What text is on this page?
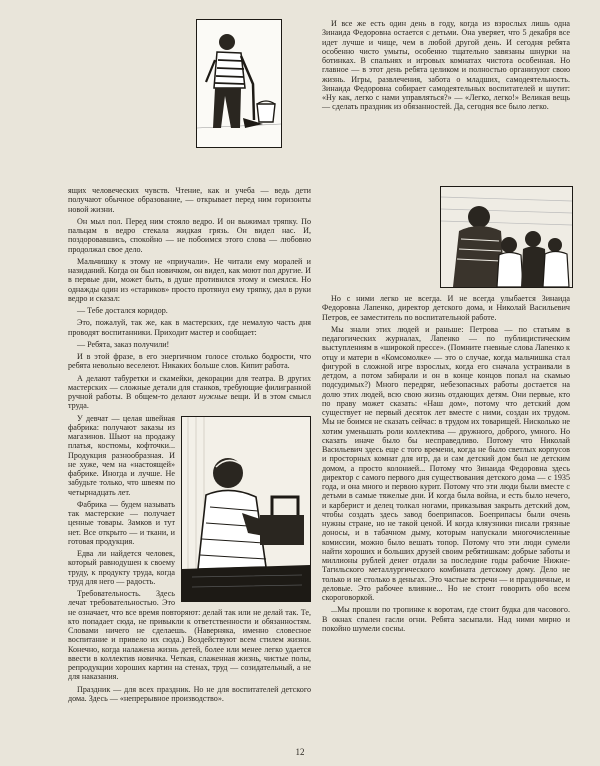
ящих человеческих чувств. Чтение, как и учеба — ведь дети получают обычное образование, — открывает перед ним горизонты новой жизни.

Он мыл пол. Перед ним стояло ведро. И он выжимал тряпку. По пальцам в ведро стекала жидкая грязь. Он видел нас. И, поздоровавшись, спокойно — не побоимся этого слова — любовно продолжал свое дело.

Мальчишку к этому не «приучали». Не читали ему моралей и назиданий. Когда он был новичком, он видел, как моют пол другие. И в первые дни, может быть, в душе противился этому и смеялся. Но однажды один из «стариков» просто протянул ему тряпку, дал в руки ведро и сказал:

— Тебе достался коридор.

Это, пожалуй, так же, как в мастерских, где немалую часть дня проводят воспитанники. Приходит мастер и сообщает:

— Ребята, заказ получили!

И в этой фразе, в его энергичном голосе столько бодрости, что ребята невольно веселеют. Никаких больше слов. Кипит работа.

А делают табуретки и скамейки, декорации для театра. В других мастерских — сложные детали для станков, требующие филигранной ручной работы. В общем-то делают нужные вещи. И в этом смысл труда.

У девчат — целая швейная фабрика: получают заказы из магазинов. Шьют на продажу платья, костюмы, кофточки... Продукция разнообразная. И не хуже, чем на «настоящей» фабрике. Иногда и лучше. Не забудьте только, что швеям по четырнадцать лет.

Фабрика — будем называть так мастерские — получает ценные товары. Замков и тут нет. Все открыто — и ткани, и готовая продукция.

Едва ли найдется человек, который равнодушен к своему труду, к продукту труда, когда труд для него — радость.

Требовательность. Здесь лечат требовательностью. Это не означает, что все время повторяют: делай так или не делай так. Те, кто попадает сюда, не привыкли к ответственности и обязанностям. Словами ничего не сделаешь. (Наверняка, именно словесное воспитание и привело их сюда.) Воздействуют всем стилем жизни. Конечно, когда налажена жизнь детей, более или менее легко удается ввести в коллектив новичка. Четкая, слаженная жизнь, чистые полы, репродукции хороших картин на стенах, труд — созидательный, а не для наказания.

Праздник — для всех праздник. Но не для воспитателей детского дома. Здесь — «непрерывное производство».

И все же есть один день в году, когда из взрослых лишь одна Зинаида Федоровна остается с детьми. Она уверяет, что 5 декабря все идет лучше и чище, чем в любой другой день. И сегодня ребята особенно чисто умыты, особенно тщательно завязаны шнурки на ботинках. В спальнях и игровых комнатах чистота особенная. Но главное — в этот день ребята целиком и полностью организуют свою жизнь. Игры, развлечения, забота о младших, самодеятельность. Зинаида Федоровна собирает самодеятельных воспитателей и шутит: «Ну как, легко с нами управляться?» — «Легко, легко!» Великая вещь — сделать праздник из обязанностей. Да, сегодня все было легко.

Но с ними легко не всегда. И не всегда улыбается Зинаида Федоровна Лапенко, директор детского дома, и Николай Васильевич Петров, ее заместитель по воспитательной работе.

Мы знали этих людей и раньше: Петрова — по статьям в педагогических журналах, Лапенко — по публицистическим выступлениям в «широкой прессе». (Помните гневные слова Лапенко к отцу и матери в «Комсомолке» — это о случае, когда мальчишка стал фигурой в сложной игре взрослых, когда его сначала устраивали в детдом, а потом забирали и он в конце концов попал на скамью подсудимых?) Много передряг, небезопасных работы достается на долю этих людей, всю свою жизнь отдающих детям. Они первые, кто по праву может сказать: «Наш дом», потому что детский дом существует не первый десяток лет вместе с ними, создан их трудом. Мы не боимся не сказать сейчас: в трудом их товарищей. Нисколько не хотим уменьшать роли коллектива — дружного, доброго, умного. Но сказать иначе было бы несправедливо. Потому что Николай Васильевич здесь еще с того времени, когда не было светлых корпусов и просторных комнат для игр, да и сам детский дом был не детским домом, а просто колонией... Потому что Зинаида Федоровна здесь директор с самого первого дня существования детского дома — с 1935 года, и она много и первою курит. Потому что эти люди были вместе с детьми в самые тяжелые дни. И когда была война, и есть было нечего, и карберист и делец толкал ногами, приказывая закрыть детский дом, чтобы создать здесь завод боеприпасов. Боеприпасы были очень нужны стране, но не такой ценой. И когда кляузники писали грязные доносы, и в табачном дыму, которым напускали многочисленные комиссии, можно было вешать топор. Потому что эти люди сумели найти хороших и больших друзей своим ребятишкам: добрые заботы и миллионы рублей денег отдали за последние годы рабочие Нижне-Тагильского металлургического комбината детскому дому. Дело не только и не столько в деньгах. Это частые встречи — и праздничные, и деловые. Это рабочее влияние... Но не стоит говорить обо всем скороговоркой.

...Мы прошли по тропинке к воротам, где стоит будка для часового. В окнах спален гасли огни. Ребята засыпали. Над ними мирно и покойно шумели сосны.

12
